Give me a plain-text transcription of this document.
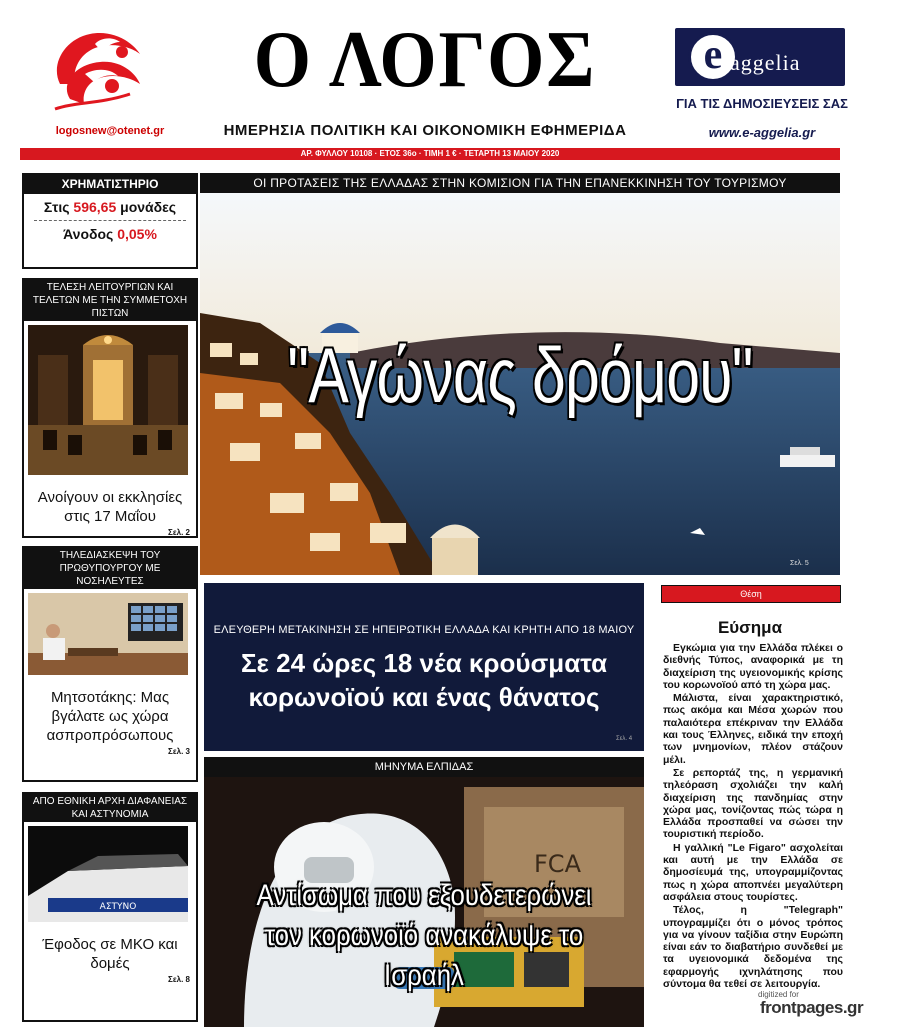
logosnew@otenet.gr
Ο ΛΟΓΟΣ
ΗΜΕΡΗΣΙΑ ΠΟΛΙΤΙΚΗ ΚΑΙ ΟΙΚΟΝΟΜΙΚΗ ΕΦΗΜΕΡΙΔΑ
e aggelia
ΓΙΑ ΤΙΣ ΔΗΜΟΣΙΕΥΣΕΙΣ ΣΑΣ
www.e-aggelia.gr
ΑΡ. ΦΥΛΛΟΥ 10108 · ΕΤΟΣ 36ο · ΤΙΜΗ 1 € · ΤΕΤΑΡΤΗ 13 ΜΑΙΟΥ 2020
ΧΡΗΜΑΤΙΣΤΗΡΙΟ
Στις 596,65 μονάδες
Άνοδος 0,05%
ΤΕΛΕΣΗ ΛΕΙΤΟΥΡΓΙΩΝ ΚΑΙ ΤΕΛΕΤΩΝ ΜΕ ΤΗΝ ΣΥΜΜΕΤΟΧΗ ΠΙΣΤΩΝ
Ανοίγουν οι εκκλησίες στις 17 Μαΐου
Σελ. 2
ΤΗΛΕΔΙΑΣΚΕΨΗ ΤΟΥ ΠΡΩΘΥΠΟΥΡΓΟΥ ΜΕ ΝΟΣΗΛΕΥΤΕΣ
Μητσοτάκης: Μας βγάλατε ως χώρα ασπροπρόσωπους
Σελ. 3
ΑΠΟ ΕΘΝΙΚΗ ΑΡΧΗ ΔΙΑΦΑΝΕΙΑΣ ΚΑΙ ΑΣΤΥΝΟΜΙΑ
ΑΣΤΥΝΟ
Έφοδος σε ΜΚΟ και δομές
Σελ. 8
ΟΙ ΠΡΟΤΑΣΕΙΣ ΤΗΣ ΕΛΛΑΔΑΣ ΣΤΗΝ ΚΟΜΙΣΙΟΝ ΓΙΑ ΤΗΝ ΕΠΑΝΕΚΚΙΝΗΣΗ ΤΟΥ ΤΟΥΡΙΣΜΟΥ
"Αγώνας δρόμου"
Σελ. 5
ΕΛΕΥΘΕΡΗ ΜΕΤΑΚΙΝΗΣΗ ΣΕ ΗΠΕΙΡΩΤΙΚΗ ΕΛΛΑΔΑ ΚΑΙ ΚΡΗΤΗ ΑΠΟ 18 ΜΑΙΟΥ
Σε 24 ώρες 18 νέα κρούσματα κορωνοϊού και ένας θάνατος
Σελ. 4
ΜΗΝΥΜΑ ΕΛΠΙΔΑΣ
FCA
Αντίσωμα που εξουδετερώνει τον κορωνοϊό ανακάλυψε το Ισραήλ
Θέση
Εύσημα

Εγκώμια για την Ελλάδα πλέκει ο διεθνής Τύπος, αναφορικά με τη διαχείριση της υγειονομικής κρίσης του κορωνοϊού από τη χώρα μας.

Μάλιστα, είναι χαρακτηριστικό, πως ακόμα και Μέσα χωρών που παλαιότερα επέκριναν την Ελλάδα και τους Έλληνες, ειδικά την εποχή των μνημονίων, πλέον στάζουν μέλι.

Σε ρεπορτάζ της, η γερμανική τηλεόραση σχολιάζει την καλή διαχείριση της πανδημίας στην χώρα μας, τονίζοντας πώς τώρα η Ελλάδα προσπαθεί να σώσει την τουριστική περίοδο.

Η γαλλική "Le Figaro" ασχολείται και αυτή με την Ελλάδα σε δημοσίευμά της, υπογραμμίζοντας πως η χώρα αποπνέει μεγαλύτερη ασφάλεια στους τουρίστες.

Τέλος, η "Telegraph" υπογραμμίζει ότι ο μόνος τρόπος για να γίνουν ταξίδια στην Ευρώπη είναι εάν το διαβατήριο συνδεθεί με τα υγειονομικά δεδομένα της εφαρμογής ιχνηλάτησης που σύντομα θα τεθεί σε λειτουργία.

digitized for
frontpages.gr
